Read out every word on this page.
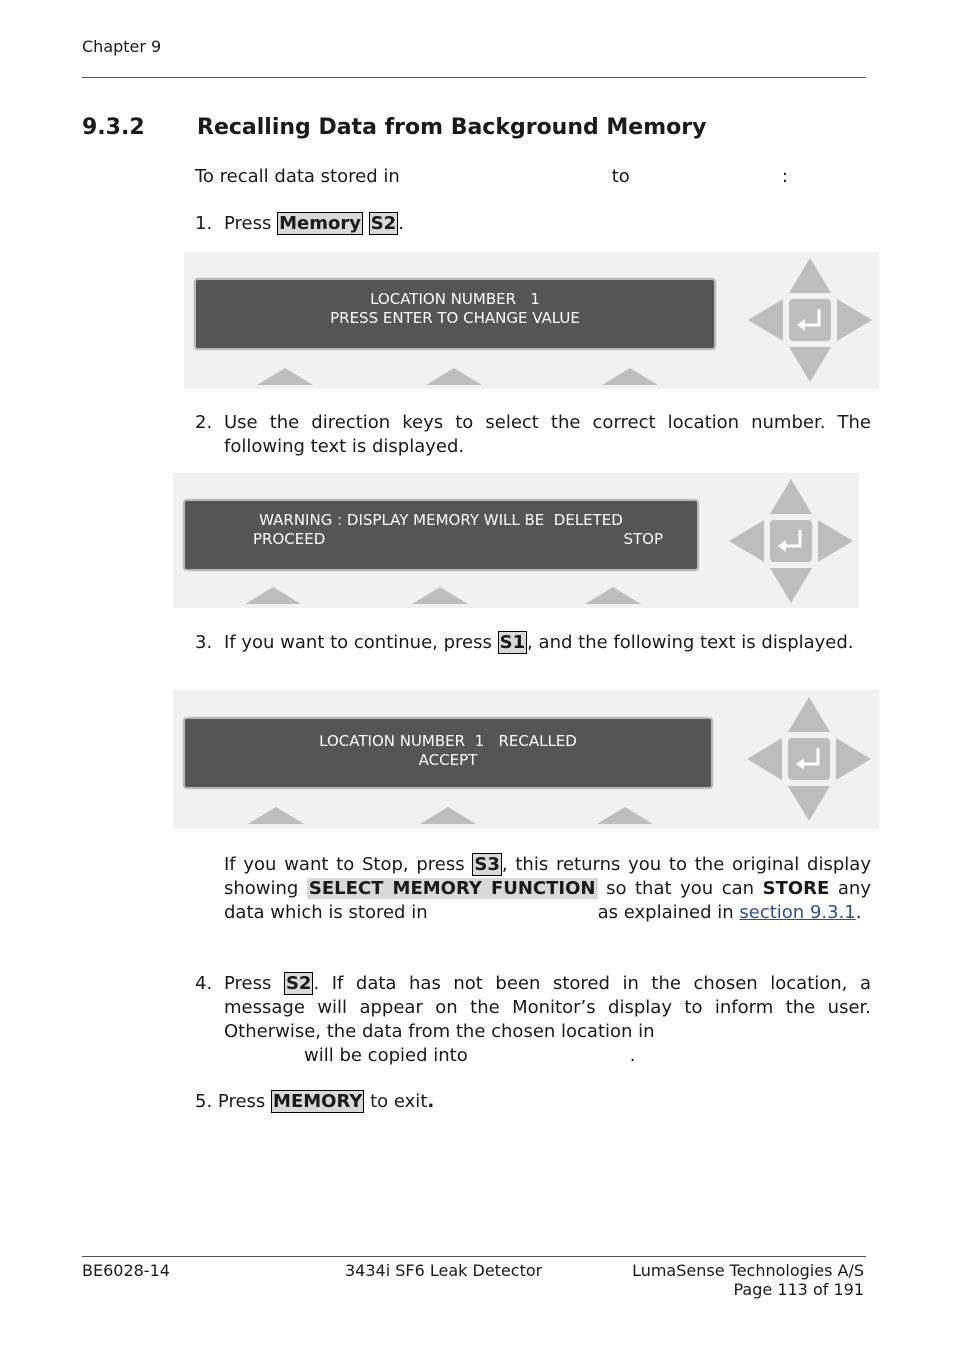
Chapter 9
9.3.2 Recalling Data from Background Memory
To recall data stored in	to	:
1. Press Memory S2 .
LOCATION NUMBER   1
PRESS ENTER TO CHANGE VALUE
2. Use the direction keys to select the correct location number. The following text is displayed.
WARNING : DISPLAY MEMORY WILL BE  DELETED
PROCEED	STOP
3. If you want to continue, press S1 , and the following text is displayed.
LOCATION NUMBER  1   RECALLED
ACCEPT
If you want to Stop, press S3 , this returns you to the original display showing SELECT MEMORY FUNCTION so that you can STORE any data which is stored in	as explained in section 9.3.1.
4. Press S2 . If data has not been stored in the chosen location, a message will appear on the Monitor’s display to inform the user. Otherwise, the data from the chosen location in
will be copied into	.
5. Press MEMORY to exit.
BE6028-14	3434i SF6 Leak Detector	LumaSense Technologies A/S
Page 113 of 191
